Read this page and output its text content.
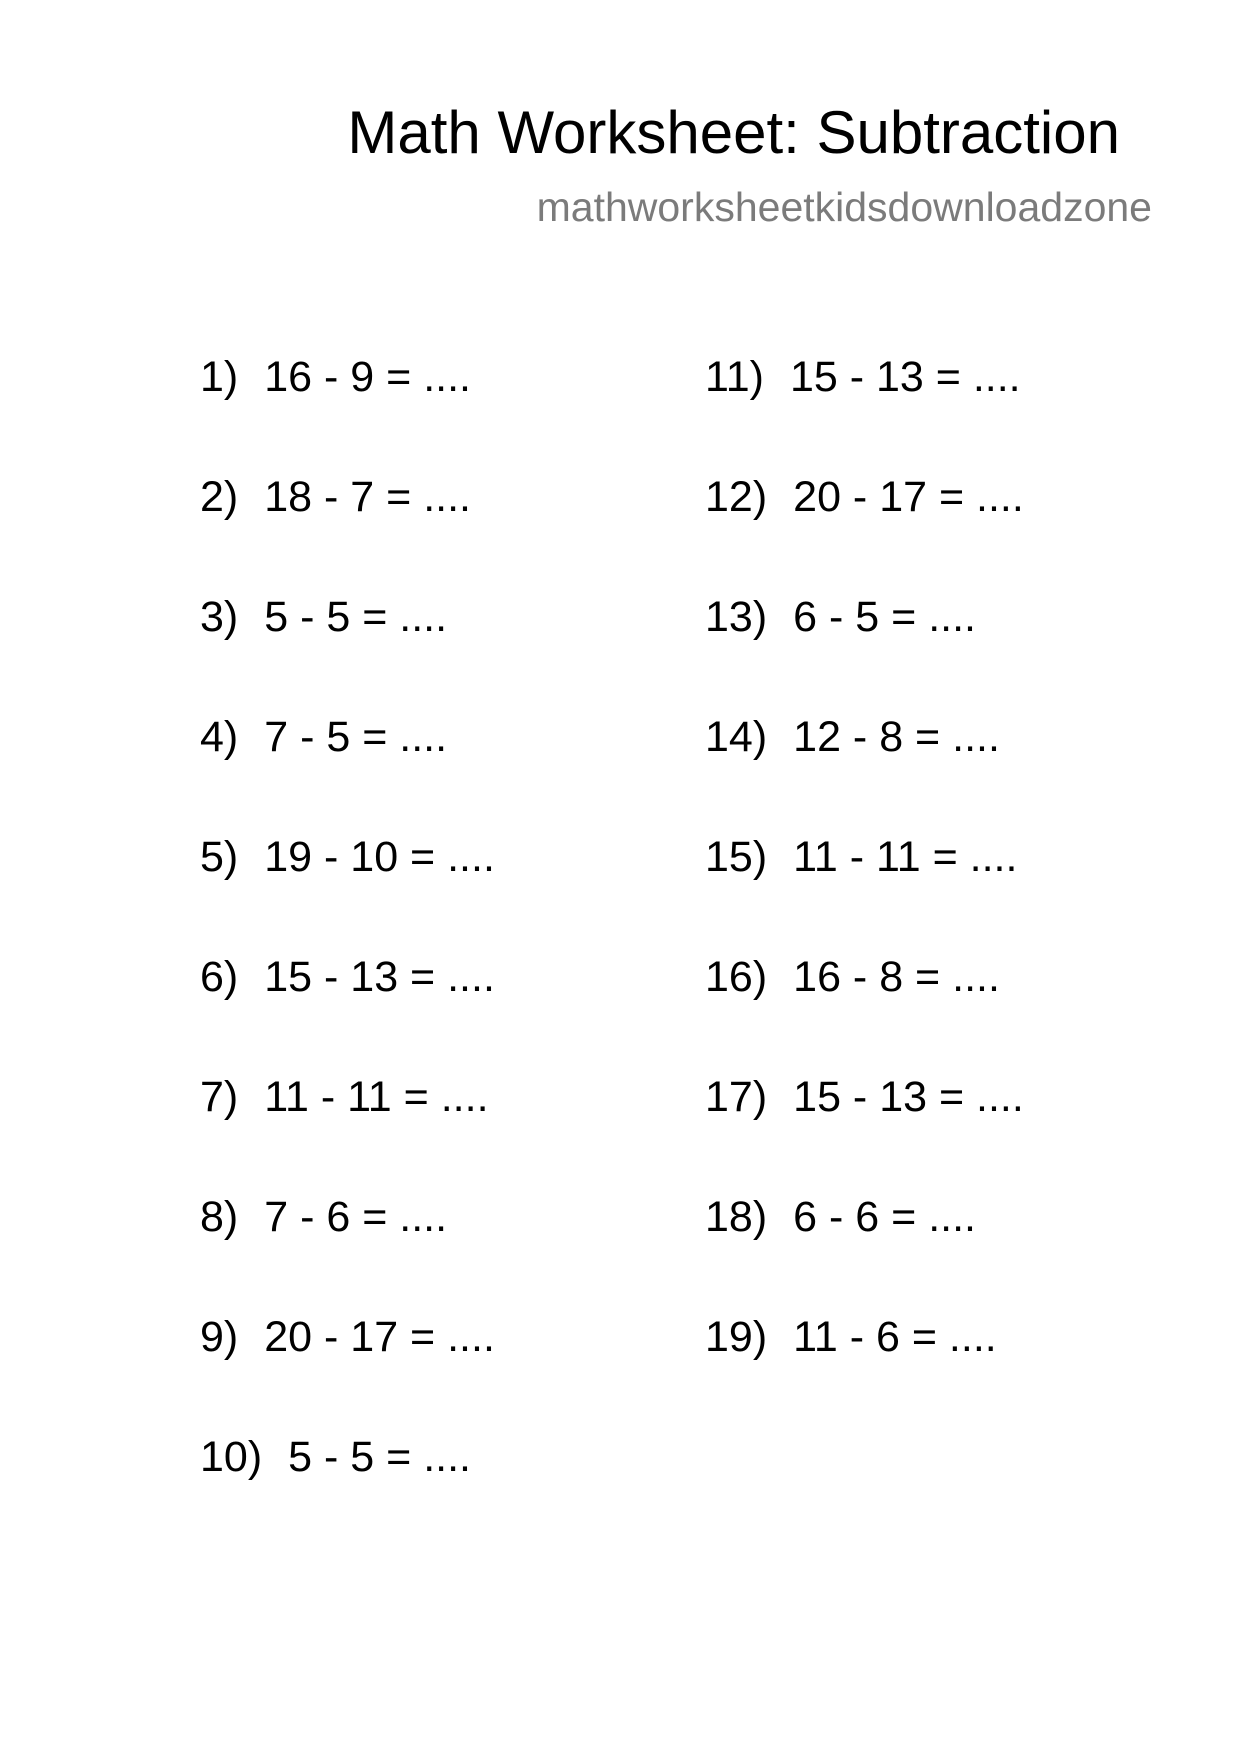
Math Worksheet: Subtraction
mathworksheetkidsdownloadzone
1) 16 - 9 = ....
2) 18 - 7 = ....
3) 5 - 5 = ....
4) 7 - 5 = ....
5) 19 - 10 = ....
6) 15 - 13 = ....
7) 11 - 11 = ....
8) 7 - 6 = ....
9) 20 - 17 = ....
10) 5 - 5 = ....
11) 15 - 13 = ....
12) 20 - 17 = ....
13) 6 - 5 = ....
14) 12 - 8 = ....
15) 11 - 11 = ....
16) 16 - 8 = ....
17) 15 - 13 = ....
18) 6 - 6 = ....
19) 11 - 6 = ....
